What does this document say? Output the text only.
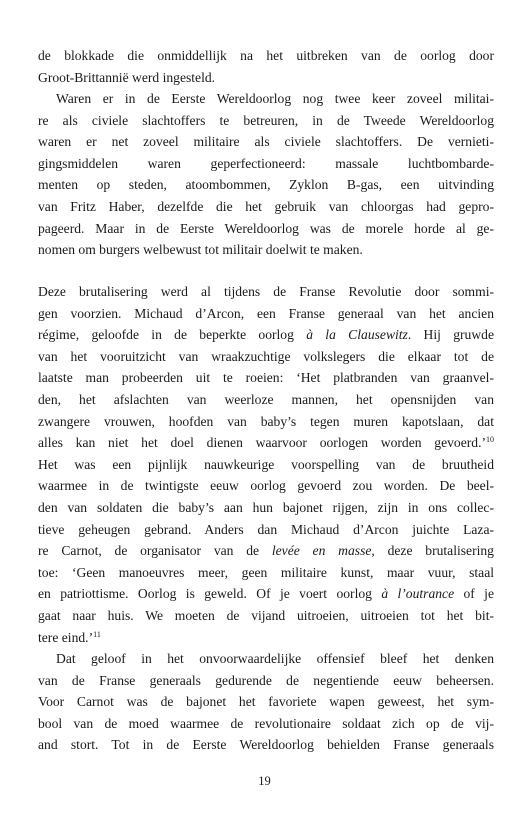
de blokkade die onmiddellijk na het uitbreken van de oorlog door
Groot-Brittannië werd ingesteld.
Waren er in de Eerste Wereldoorlog nog twee keer zoveel militai-
re als civiele slachtoffers te betreuren, in de Tweede Wereldoorlog
waren er net zoveel militaire als civiele slachtoffers. De vernieti-
gingsmiddelen waren geperfectioneerd: massale luchtbombarde-
menten op steden, atoombommen, Zyklon B-gas, een uitvinding
van Fritz Haber, dezelfde die het gebruik van chloorgas had gepro-
pageerd. Maar in de Eerste Wereldoorlog was de morele horde al ge-
nomen om burgers welbewust tot militair doelwit te maken.
Deze brutalisering werd al tijdens de Franse Revolutie door sommi-
gen voorzien. Michaud d’Arcon, een Franse generaal van het ancien
régime, geloofde in de beperkte oorlog à la Clausewitz. Hij gruwde
van het vooruitzicht van wraakzuchtige volkslegers die elkaar tot de
laatste man probeerden uit te roeien: ‘Het platbranden van graanvel-
den, het afslachten van weerloze mannen, het opensnijden van
zwangere vrouwen, hoofden van baby’s tegen muren kapotslaan, dat
alles kan niet het doel dienen waarvoor oorlogen worden gevoerd.’$^{10}$
Het was een pijnlijk nauwkeurige voorspelling van de bruutheid
waarmee in de twintigste eeuw oorlog gevoerd zou worden. De beel-
den van soldaten die baby’s aan hun bajonet rijgen, zijn in ons collec-
tieve geheugen gebrand. Anders dan Michaud d’Arcon juichte Laza-
re Carnot, de organisator van de levée en masse, deze brutalisering
toe: ‘Geen manoeuvres meer, geen militaire kunst, maar vuur, staal
en patriottisme. Oorlog is geweld. Of je voert oorlog à l’outrance of je
gaat naar huis. We moeten de vijand uitroeien, uitroeien tot het bit-
tere eind.’$^{11}$
Dat geloof in het onvoorwaardelijke offensief bleef het denken
van de Franse generaals gedurende de negentiende eeuw beheersen.
Voor Carnot was de bajonet het favoriete wapen geweest, het sym-
bool van de moed waarmee de revolutionaire soldaat zich op de vij-
and stort. Tot in de Eerste Wereldoorlog behielden Franse generaals
19
